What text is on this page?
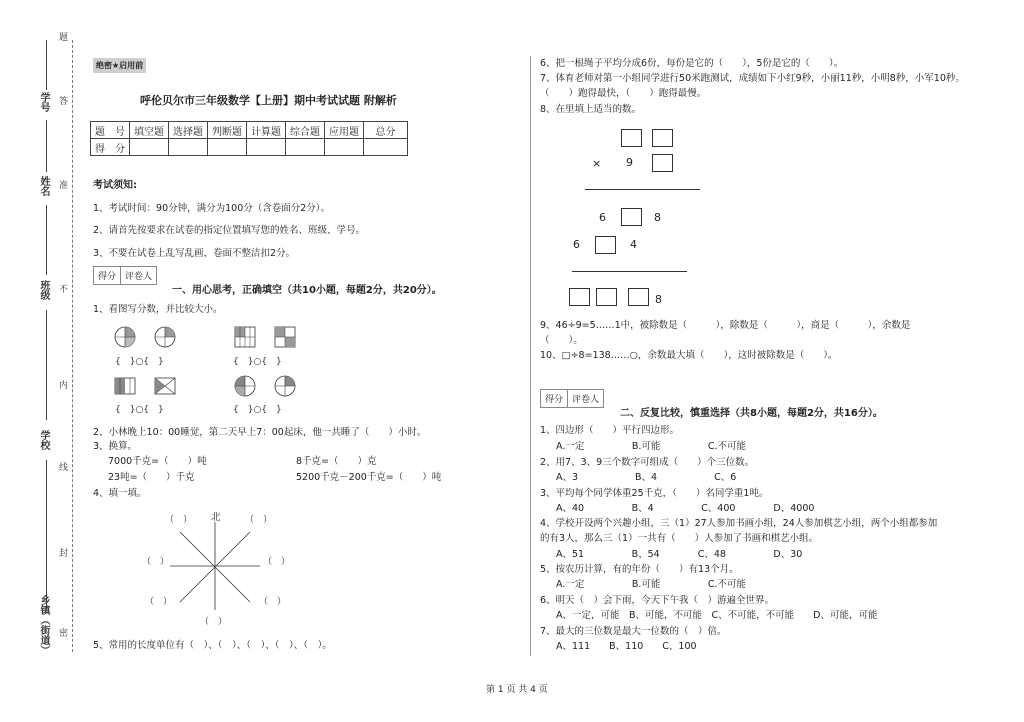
题
学号 答
姓名 准
班级 不
内
学校
线
封
乡镇（街道） 密
绝密★启用前
呼伦贝尔市三年级数学【上册】期中考试试题 附解析
题　号	填空题	选择题	判断题	计算题	综合题	应用题	总分
得　分							
考试须知:
1、考试时间：90分钟，满分为100分（含卷面分2分）。
2、请首先按要求在试卷的指定位置填写您的姓名、班级、学号。
3、不要在试卷上乱写乱画，卷面不整洁扣2分。
得分	评卷人
一、用心思考，正确填空（共10小题，每题2分，共20分）。
1、看图写分数，并比较大小。
{　}○{　}	{　}○{　}
{　}○{　}	{　}○{　}
2、小林晚上10：00睡觉，第二天早上7：00起床，他一共睡了（　　）小时。
3、换算。
7000千克=（　　）吨	8千克=（　　）克
23吨=（　　）千克	5200千克－200千克=（　　）吨
4、填一填。
（　）	（　）
（　）	（　）
（　）	（　）
（　）
北
5、常用的长度单位有（　）、（　）、（　）、（　）、（　）。
6、把一根绳子平均分成6份，每份是它的（　　），5份是它的（　　）。
7、体育老师对第一小组同学进行50米跑测试，成绩如下小红9秒，小丽11秒，小明8秒，小军10秒。
（　　）跑得最快，（　　）跑得最慢。
8、在里填上适当的数。
× 9
6	8
6	4
8
9、46÷9=5……1中，被除数是（　　　），除数是（　　　），商是（　　　），余数是
（　　）。
10、□÷8=138……○，余数最大填（　　），这时被除数是（　　）。
得分	评卷人
二、反复比较，慎重选择（共8小题，每题2分，共16分）。
1、四边形（　　）平行四边形。
A.一定　　　　　B.可能　　　　　C.不可能
2、用7、3、9三个数字可组成（　　）个三位数。
A、3　　　　　　B、4　　　　　　C、6
3、平均每个同学体重25千克，（　　）名同学重1吨。
A、40　　　　　B、4　　　　　C、400　　　　D、4000
4、学校开设两个兴趣小组，三（1）27人参加书画小组，24人参加棋艺小组，两个小组都参加
的有3人，那么三（1）一共有（　　）人参加了书画和棋艺小组。
A、51　　　　　B、54　　　　C、48　　　　　D、30
5、按农历计算，有的年份（　　）有13个月。
A.一定　　　　　B.可能　　　　　C.不可能
6、明天（　）会下雨，今天下午我（　）游遍全世界。
A、一定，可能　B、可能，不可能　C、不可能，不可能　　D、可能，可能
7、最大的三位数是最大一位数的（　）倍。
A、111　　B、110　　C、100
第 1 页 共 4 页
